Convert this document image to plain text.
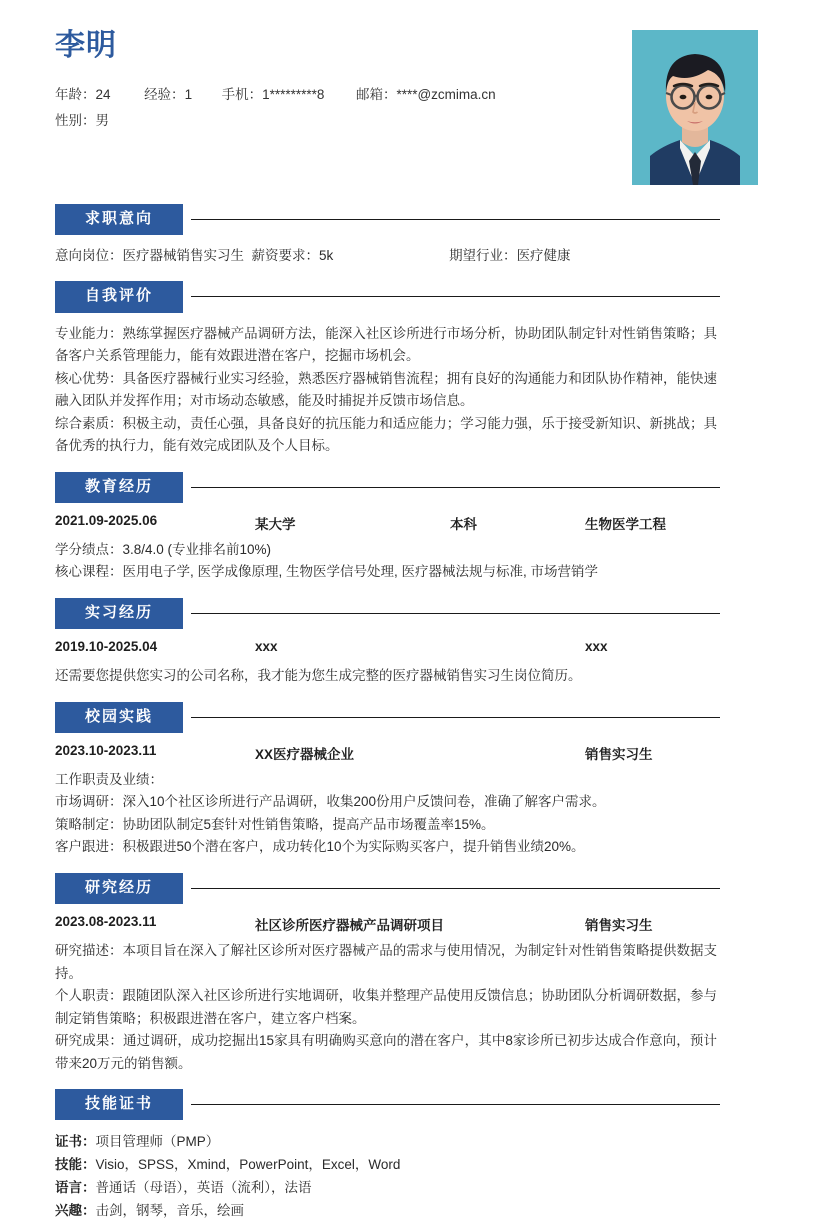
李明
年龄：24 经验：1 手机：1*********8 邮箱：****@zcmima.cn
性别：男
求职意向
意向岗位：医疗器械销售实习生 薪资要求：5k	期望行业：医疗健康
自我评价

专业能力：熟练掌握医疗器械产品调研方法，能深入社区诊所进行市场分析，协助团队制定针对性销售策略；具备客户关系管理能力，能有效跟进潜在客户，挖掘市场机会。

核心优势：具备医疗器械行业实习经验，熟悉医疗器械销售流程；拥有良好的沟通能力和团队协作精神，能快速融入团队并发挥作用；对市场动态敏感，能及时捕捉并反馈市场信息。

综合素质：积极主动，责任心强，具备良好的抗压能力和适应能力；学习能力强，乐于接受新知识、新挑战；具备优秀的执行力，能有效完成团队及个人目标。

教育经历
2021.09-2025.06	某大学	本科	生物医学工程

学分绩点：3.8/4.0 (专业排名前10%)

核心课程：医用电子学, 医学成像原理, 生物医学信号处理, 医疗器械法规与标准, 市场营销学

实习经历
2019.10-2025.04	xxx	xxx

还需要您提供您实习的公司名称，我才能为您生成完整的医疗器械销售实习生岗位简历。

校园实践
2023.10-2023.11	XX医疗器械企业	销售实习生

工作职责及业绩：

市场调研：深入10个社区诊所进行产品调研，收集200份用户反馈问卷，准确了解客户需求。

策略制定：协助团队制定5套针对性销售策略，提高产品市场覆盖率15%。

客户跟进：积极跟进50个潜在客户，成功转化10个为实际购买客户，提升销售业绩20%。

研究经历
2023.08-2023.11	社区诊所医疗器械产品调研项目	销售实习生

研究描述：本项目旨在深入了解社区诊所对医疗器械产品的需求与使用情况，为制定针对性销售策略提供数据支持。

个人职责：跟随团队深入社区诊所进行实地调研，收集并整理产品使用反馈信息；协助团队分析调研数据，参与制定销售策略；积极跟进潜在客户，建立客户档案。

研究成果：通过调研，成功挖掘出15家具有明确购买意向的潜在客户，其中8家诊所已初步达成合作意向，预计带来20万元的销售额。

技能证书
证书：项目管理师（PMP）
技能：Visio，SPSS，Xmind，PowerPoint，Excel，Word
语言：普通话（母语），英语（流利），法语
兴趣：击剑，钢琴，音乐，绘画
